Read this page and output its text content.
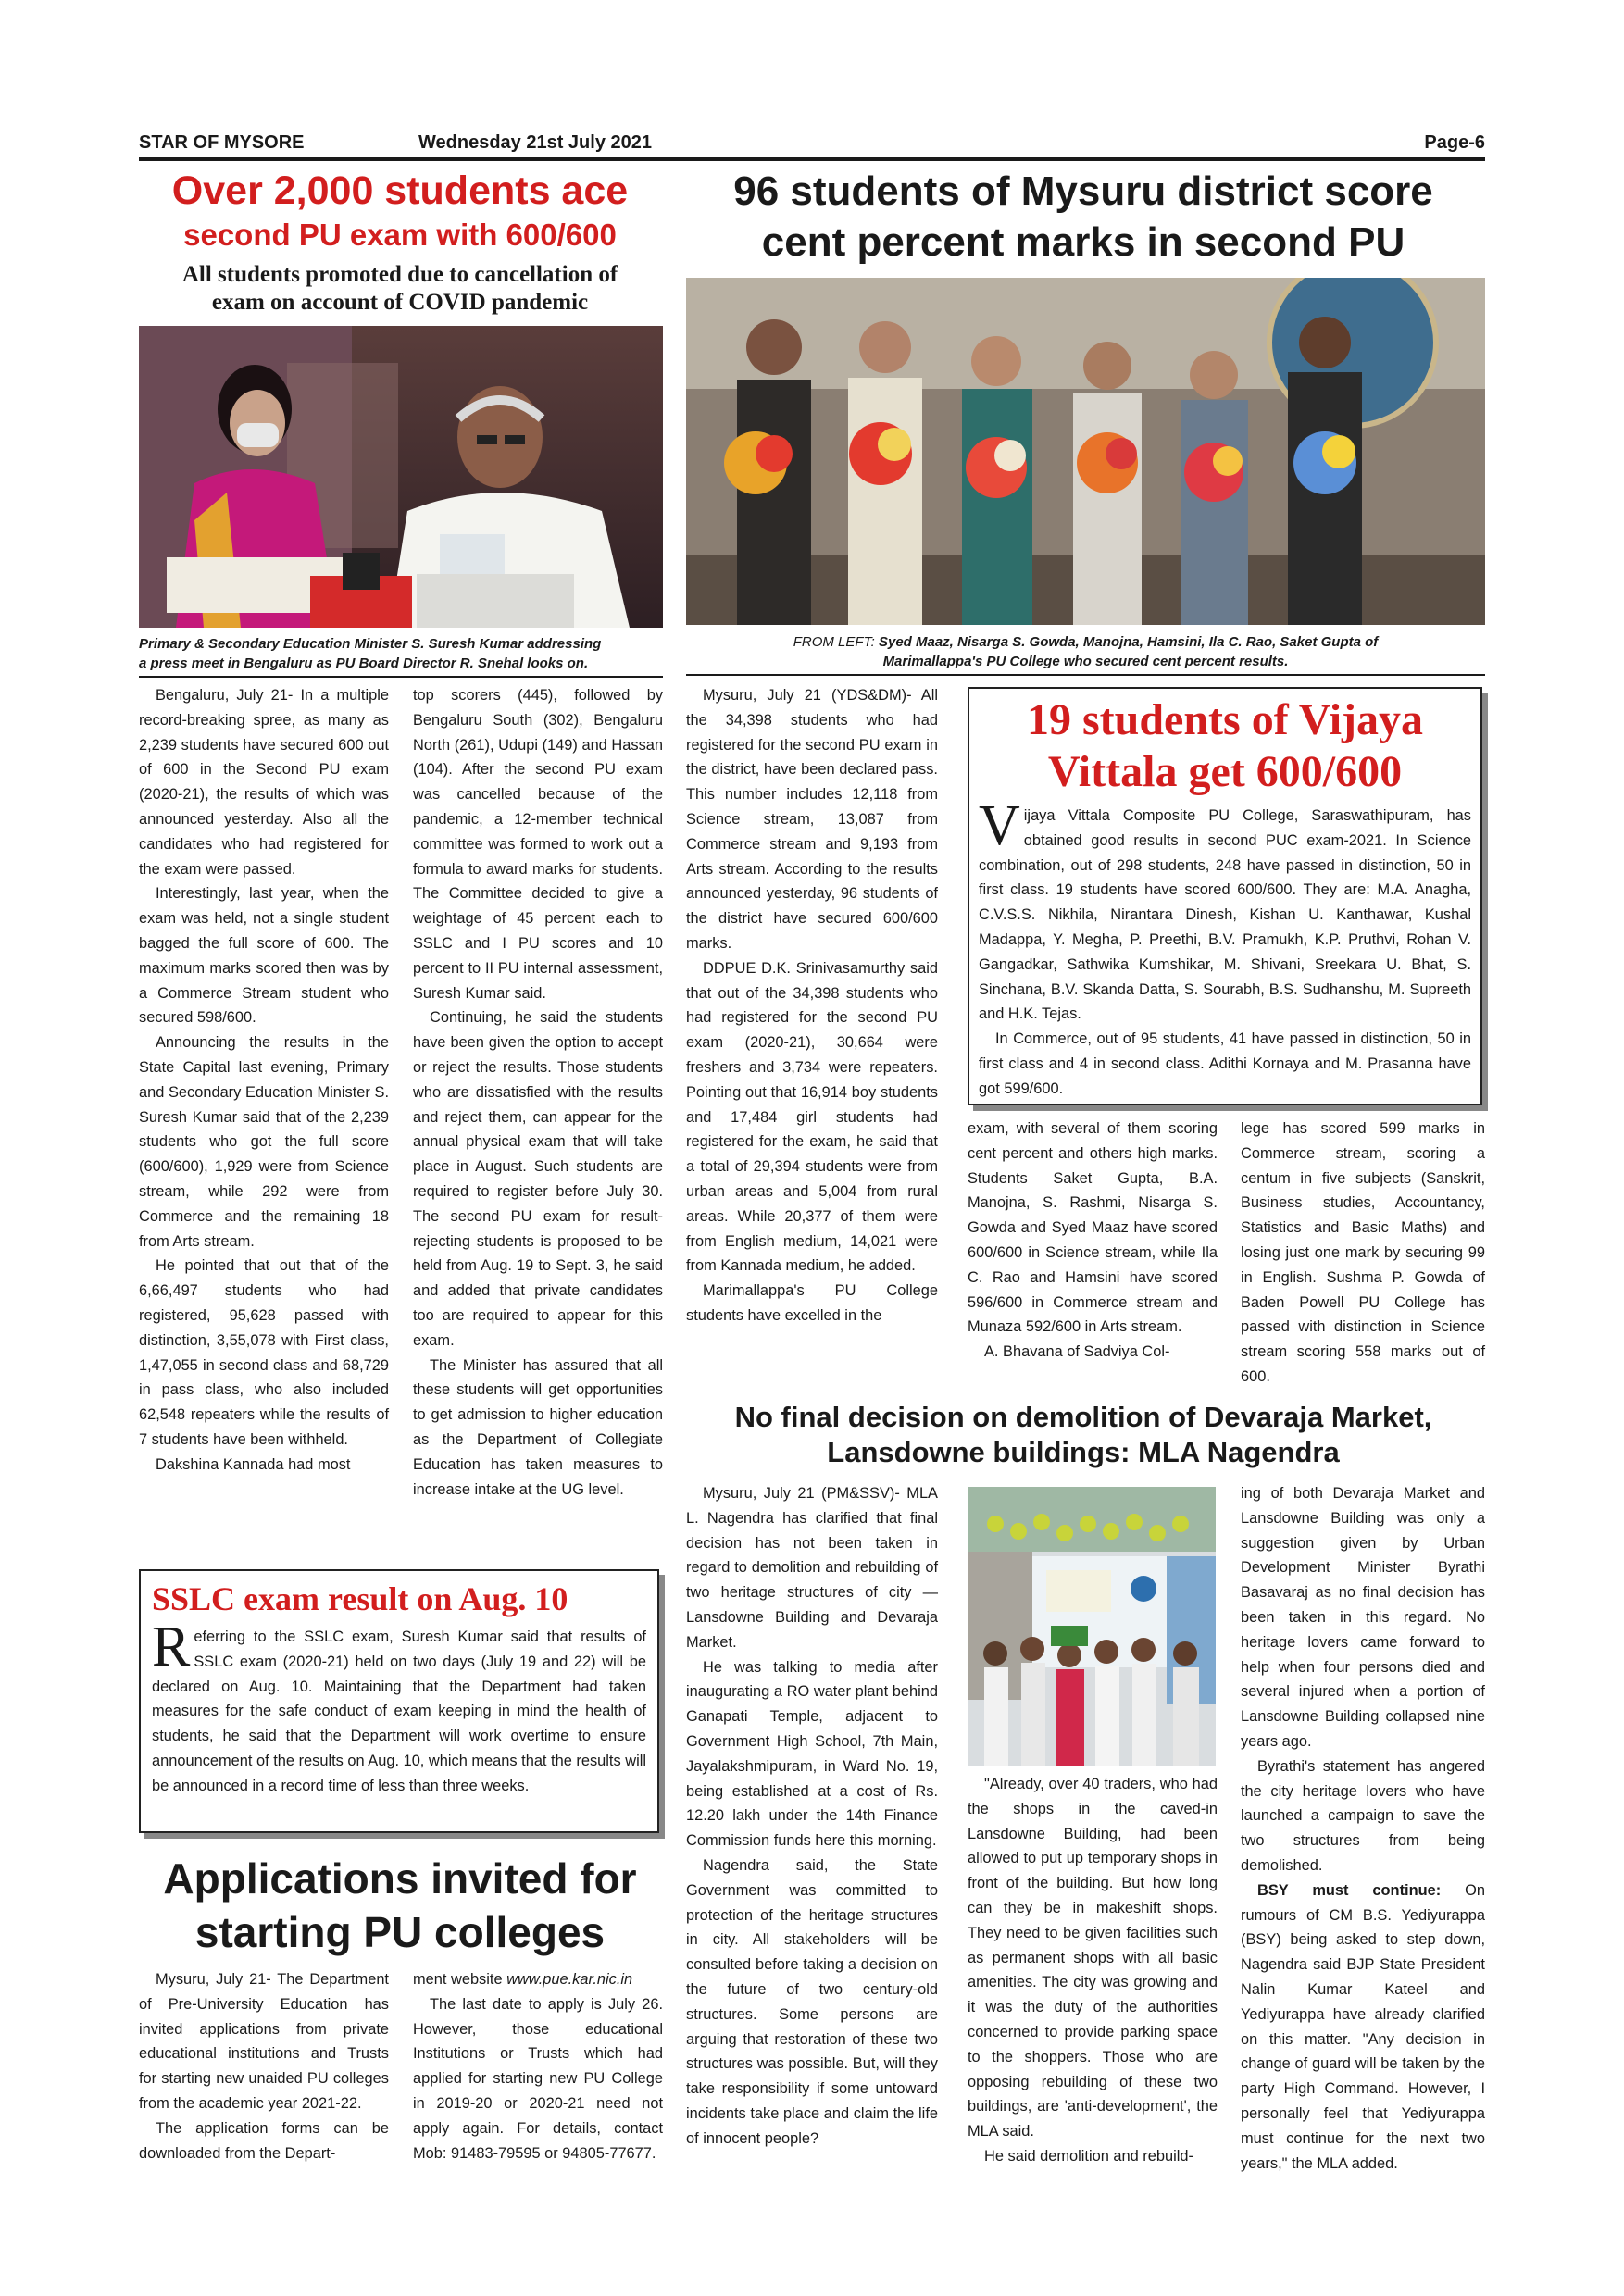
STAR OF MYSORE	Wednesday 21st July 2021	Page-6
Over 2,000 students ace
second PU exam with 600/600
All students promoted due to cancellation of
exam on account of COVID pandemic
Primary & Secondary Education Minister S. Suresh Kumar addressing
a press meet in Bengaluru as PU Board Director R. Snehal looks on.

Bengaluru, July 21- In a multiple record-breaking spree, as many as 2,239 students have secured 600 out of 600 in the Second PU exam (2020-21), the results of which was announced yesterday. Also all the candidates who had registered for the exam were passed.

Interestingly, last year, when the exam was held, not a single student bagged the full score of 600. The maximum marks scored then was by a Commerce Stream student who secured 598/600.

Announcing the results in the State Capital last evening, Primary and Secondary Education Minister S. Suresh Kumar said that of the 2,239 students who got the full score (600/600), 1,929 were from Science stream, while 292 were from Commerce and the remaining 18 from Arts stream.

He pointed that out that of the 6,66,497 students who had registered, 95,628 passed with distinction, 3,55,078 with First class, 1,47,055 in second class and 68,729 in pass class, who also included 62,548 repeaters while the results of 7 students have been withheld.

Dakshina Kannada had most

top scorers (445), followed by Bengaluru South (302), Bengaluru North (261), Udupi (149) and Hassan (104). After the second PU exam was cancelled because of the pandemic, a 12-member technical committee was formed to work out a formula to award marks for students. The Committee decided to give a weightage of 45 percent each to SSLC and I PU scores and 10 percent to II PU internal assessment, Suresh Kumar said.

Continuing, he said the students have been given the option to accept or reject the results. Those students who are dissatisfied with the results and reject them, can appear for the annual physical exam that will take place in August. Such students are required to register before July 30. The second PU exam for result-rejecting students is proposed to be held from Aug. 19 to Sept. 3, he said and added that private candidates too are required to appear for this exam.

The Minister has assured that all these students will get opportunities to get admission to higher education as the Department of Collegiate Education has taken measures to increase intake at the UG level.

SSLC exam result on Aug. 10
R eferring to the SSLC exam, Suresh Kumar said that results of SSLC exam (2020-21) held on two days (July 19 and 22) will be declared on Aug. 10. Maintaining that the Department had taken measures for the safe conduct of exam keeping in mind the health of students, he said that the Department will work overtime to ensure announcement of the results on Aug. 10, which means that the results will be announced in a record time of less than three weeks.
Applications invited for
starting PU colleges

Mysuru, July 21- The Department of Pre-University Education has invited applications from private educational institutions and Trusts for starting new unaided PU colleges from the academic year 2021-22.

The application forms can be downloaded from the Depart-

ment website www.pue.kar.nic.in

The last date to apply is July 26. However, those educational Institutions or Trusts which had applied for starting new PU College in 2019-20 or 2020-21 need not apply again. For details, contact Mob: 91483-79595 or 94805-77677.

96 students of Mysuru district score
cent percent marks in second PU
FROM LEFT: Syed Maaz, Nisarga S. Gowda, Manojna, Hamsini, Ila C. Rao, Saket Gupta of
Marimallappa's PU College who secured cent percent results.

Mysuru, July 21 (YDS&DM)- All the 34,398 students who had registered for the second PU exam in the district, have been declared pass. This number includes 12,118 from Science stream, 13,087 from Commerce stream and 9,193 from Arts stream. According to the results announced yesterday, 96 students of the district have secured 600/600 marks.

DDPUE D.K. Srinivasamurthy said that out of the 34,398 students who had registered for the second PU exam (2020-21), 30,664 were freshers and 3,734 were repeaters. Pointing out that 16,914 boy students and 17,484 girl students had registered for the exam, he said that a total of 29,394 students were from urban areas and 5,004 from rural areas. While 20,377 of them were from English medium, 14,021 were from Kannada medium, he added.

Marimallappa's PU College students have excelled in the

19 students of Vijaya
Vittala get 600/600

Vijaya Vittala Composite PU College, Saraswathipuram, has obtained good results in second PUC exam-2021. In Science combination, out of 298 students, 248 have passed in distinction, 50 in first class. 19 students have scored 600/600. They are: M.A. Anagha, C.V.S.S. Nikhila, Nirantara Dinesh, Kishan U. Kanthawar, Kushal Madappa, Y. Megha, P. Preethi, B.V. Pramukh, K.P. Pruthvi, Rohan V. Gangadkar, Sathwika Kumshikar, M. Shivani, Sreekara U. Bhat, S. Sinchana, B.V. Skanda Datta, S. Sourabh, B.S. Sudhanshu, M. Supreeth and H.K. Tejas.

In Commerce, out of 95 students, 41 have passed in distinction, 50 in first class and 4 in second class. Adithi Kornaya and M. Prasanna have got 599/600.

exam, with several of them scoring cent percent and others high marks. Students Saket Gupta, B.A. Manojna, S. Rashmi, Nisarga S. Gowda and Syed Maaz have scored 600/600 in Science stream, while Ila C. Rao and Hamsini have scored 596/600 in Commerce stream and Munaza 592/600 in Arts stream.

A. Bhavana of Sadviya Col-

lege has scored 599 marks in Commerce stream, scoring a centum in five subjects (Sanskrit, Business studies, Accountancy, Statistics and Basic Maths) and losing just one mark by securing 99 in English. Sushma P. Gowda of Baden Powell PU College has passed with distinction in Science stream scoring 558 marks out of 600.

No final decision on demolition of Devaraja Market,
Lansdowne buildings: MLA Nagendra

Mysuru, July 21 (PM&SSV)- MLA L. Nagendra has clarified that final decision has not been taken in regard to demolition and rebuilding of two heritage structures of city — Lansdowne Building and Devaraja Market.

He was talking to media after inaugurating a RO water plant behind Ganapati Temple, adjacent to Government High School, 7th Main, Jayalakshmipuram, in Ward No. 19, being established at a cost of Rs. 12.20 lakh under the 14th Finance Commission funds here this morning.

Nagendra said, the State Government was committed to protection of the heritage structures in city. All stakeholders will be consulted before taking a decision on the future of two century-old structures. Some persons are arguing that restoration of these two structures was possible. But, will they take responsibility if some untoward incidents take place and claim the life of innocent people?

"Already, over 40 traders, who had the shops in the caved-in Lansdowne Building, had been allowed to put up temporary shops in front of the building. But how long can they be in makeshift shops. They need to be given facilities such as permanent shops with all basic amenities. The city was growing and it was the duty of the authorities concerned to provide parking space to the shoppers. Those who are opposing rebuilding of these two buildings, are 'anti-development', the MLA said.

He said demolition and rebuild-

ing of both Devaraja Market and Lansdowne Building was only a suggestion given by Urban Development Minister Byrathi Basavaraj as no final decision has been taken in this regard. No heritage lovers came forward to help when four persons died and several injured when a portion of Lansdowne Building collapsed nine years ago.

Byrathi's statement has angered the city heritage lovers who have launched a campaign to save the two structures from being demolished.

BSY must continue: On rumours of CM B.S. Yediyurappa (BSY) being asked to step down, Nagendra said BJP State President Nalin Kumar Kateel and Yediyurappa have already clarified on this matter. "Any decision in change of guard will be taken by the party High Command. However, I personally feel that Yediyurappa must continue for the next two years," the MLA added.
